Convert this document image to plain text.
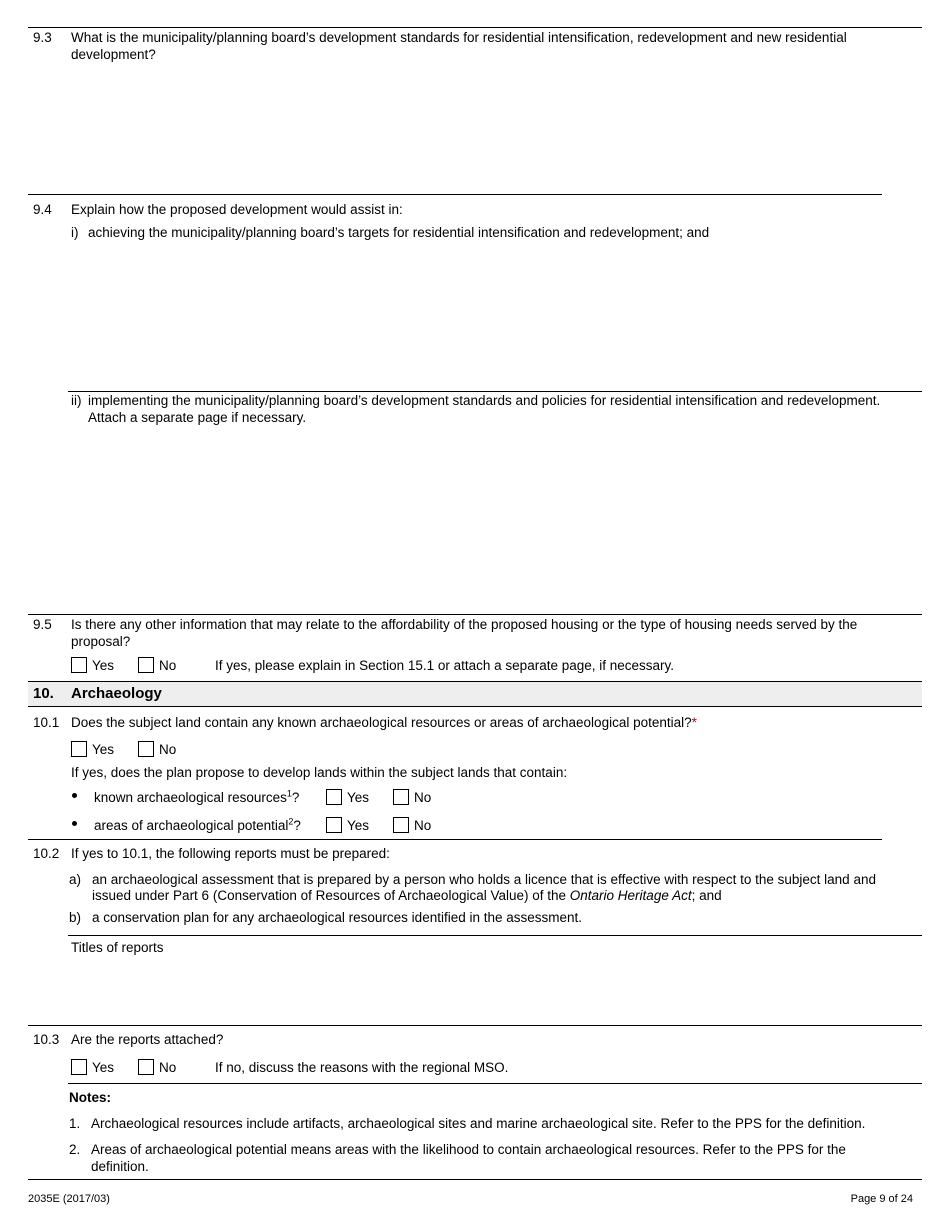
9.3 What is the municipality/planning board’s development standards for residential intensification, redevelopment and new residential
development?
9.4 Explain how the proposed development would assist in:
i) achieving the municipality/planning board’s targets for residential intensification and redevelopment; and
ii) implementing the municipality/planning board’s development standards and policies for residential intensification and redevelopment.
Attach a separate page if necessary.
9.5 Is there any other information that may relate to the affordability of the proposed housing or the type of housing needs served by the
proposal?
Yes	No	If yes, please explain in Section 15.1 or attach a separate page, if necessary.
10. Archaeology
10.1 Does the subject land contain any known archaeological resources or areas of archaeological potential?*
Yes	No
If yes, does the plan propose to develop lands within the subject lands that contain:
known archaeological resources$^1$?	Yes	No
areas of archaeological potential$^2$?	Yes	No
10.2 If yes to 10.1, the following reports must be prepared:
a) an archaeological assessment that is prepared by a person who holds a licence that is effective with respect to the subject land and
issued under Part 6 (Conservation of Resources of Archaeological Value) of the Ontario Heritage Act; and
b) a conservation plan for any archaeological resources identified in the assessment.
Titles of reports
10.3 Are the reports attached?
Yes	No	If no, discuss the reasons with the regional MSO.
Notes:
1. Archaeological resources include artifacts, archaeological sites and marine archaeological site. Refer to the PPS for the definition.
2. Areas of archaeological potential means areas with the likelihood to contain archaeological resources. Refer to the PPS for the
definition.
2035E (2017/03)	Page 9 of 24
